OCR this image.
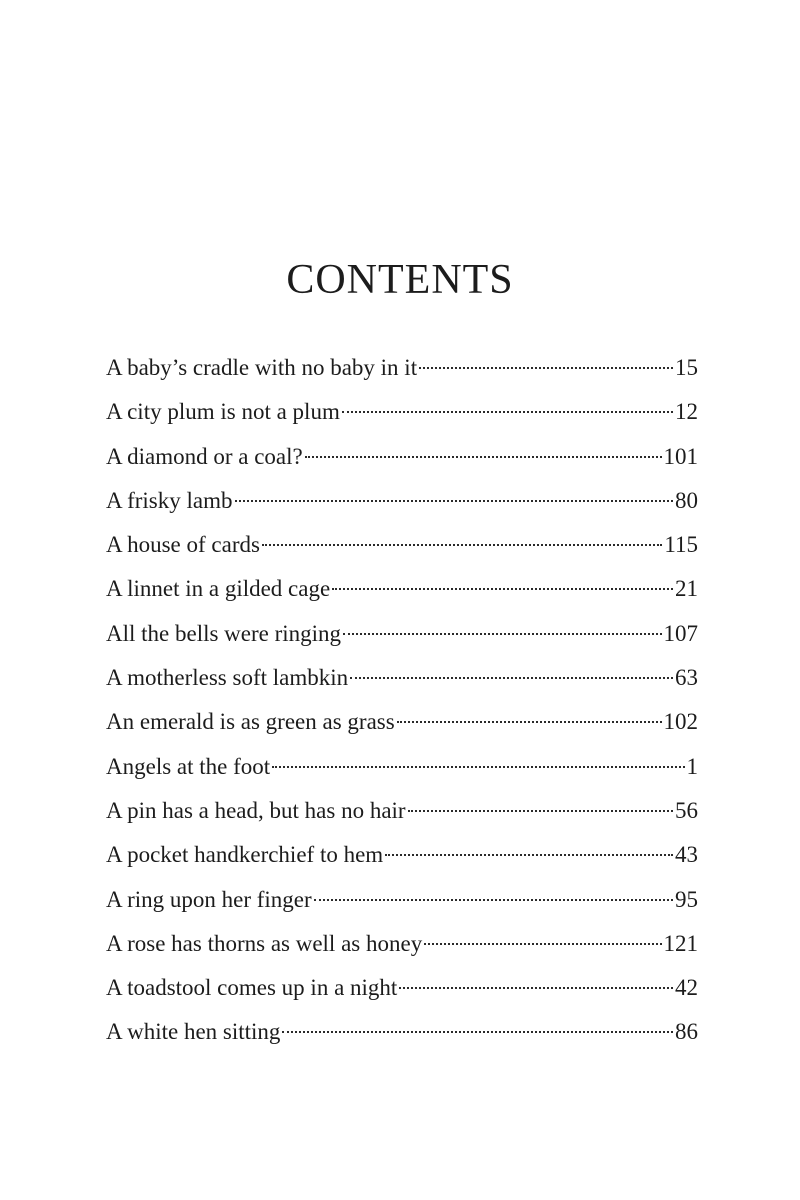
CONTENTS
A baby’s cradle with no baby in it	15
A city plum is not a plum	12
A diamond or a coal?	101
A frisky lamb	80
A house of cards	115
A linnet in a gilded cage	21
All the bells were ringing	107
A motherless soft lambkin	63
An emerald is as green as grass	102
Angels at the foot	1
A pin has a head, but has no hair	56
A pocket handkerchief to hem	43
A ring upon her finger	95
A rose has thorns as well as honey	121
A toadstool comes up in a night	42
A white hen sitting	86
